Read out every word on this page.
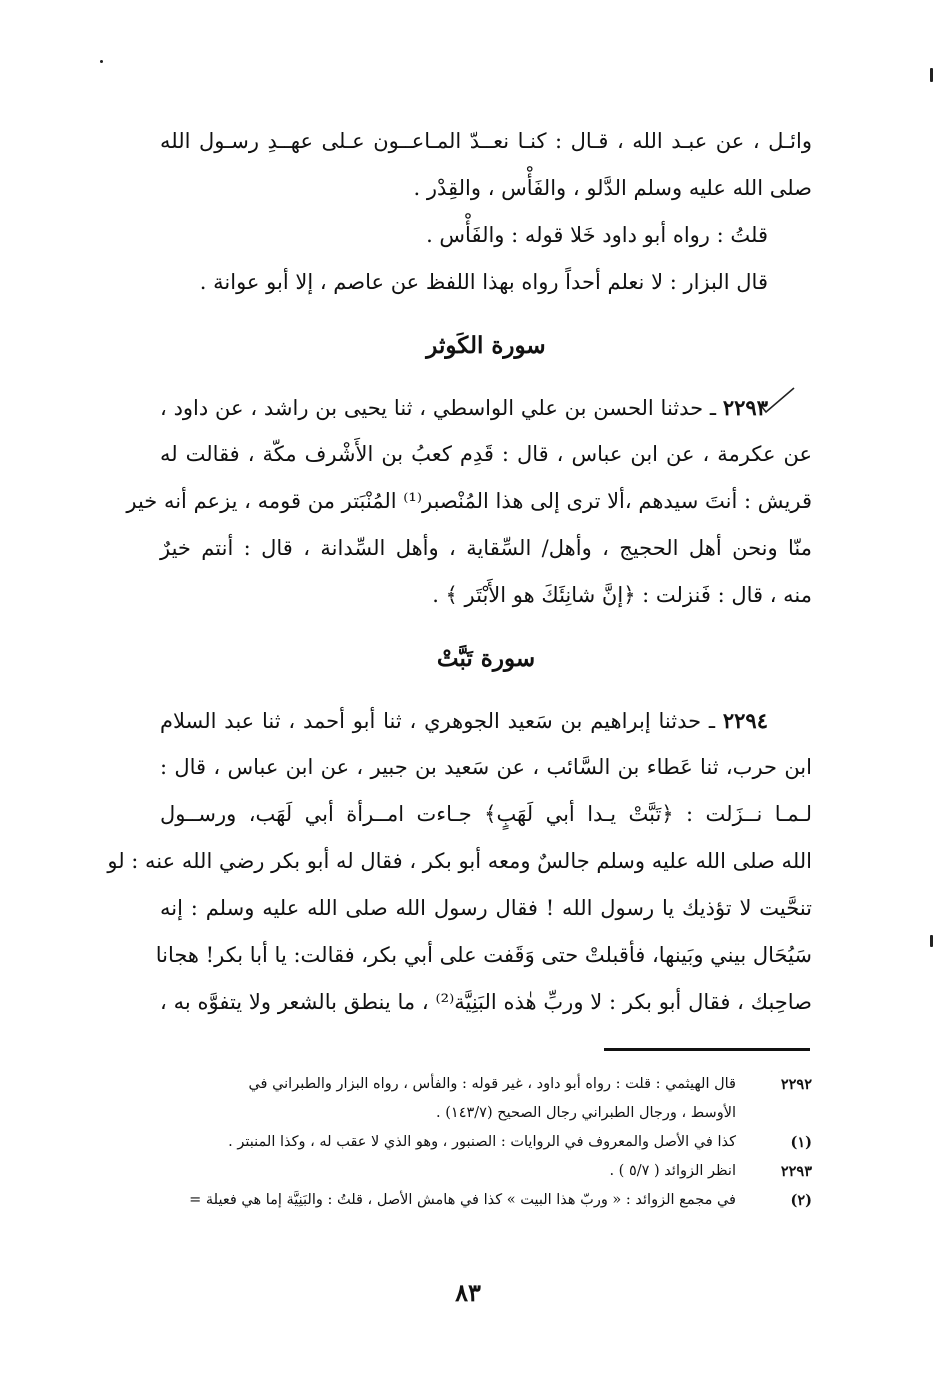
وائـل ، عن عبـد الله ، قـال : كنـا نعــدّ المـاعــون عـلى عهــدِ رسـول الله
صلى الله عليه وسلم الدَّلو ، والفَأْس ، والقِدْر .
قلتُ : رواه أبو داود خَلا قوله : والفَأْس .
قال البزار : لا نعلم أحداً رواه بهذا اللفظ عن عاصم ، إلا أبو عوانة .
سورة الكَوثر
٢٢٩٣ ـ حدثنا الحسن بن علي الواسطي ، ثنا يحيى بن راشد ، عن داود ،
عن عكرمة ، عن ابن عباس ، قال : قَدِم كعبُ بن الأَشْرف مكّة ، فقالت له
قريش : أنتَ سيدهم ،ألا ترى إلى هذا المُنْصبر⁽¹⁾ المُنْبَتر من قومه ، يزعم أنه خير
منّا ونحن أهل الحجيج ، وأهل/ السِّقاية ، وأهل السِّدانة ، قال : أنتم خيرٌ
منه ، قال : فَنزلت : ﴿إنَّ شانِئَكَ هو الأَبْتَر ﴾ .
سورة تَبَّتْ
٢٢٩٤ ـ حدثنا إبراهيم بن سَعيد الجوهري ، ثنا أبو أحمد ، ثنا عبد السلام
ابن حرب، ثنا عَطاء بن السَّائب ، عن سَعيد بن جبير ، عن ابن عباس ، قال :
لـمـا نــزَلت : ﴿تَبَّتْ يـدا أبي لَهَبٍ﴾ جـاءت امــرأة أبي لَهَب، ورســول
الله صلى الله عليه وسلم جالسٌ ومعه أبو بكر ، فقال له أبو بكر رضي الله عنه : لو
تنحَّيت لا تؤذيك يا رسول الله ! فقال رسول الله صلى الله عليه وسلم : إنه
سَيُحَال بيني وبَينها، فأقبلتْ حتى وَقَفت على أبي بكر، فقالت: يا أبا بكر! هجانا
صاحِبك ، فقال أبو بكر : لا وربِّ هٰذه البَنِيَّة⁽²⁾ ، ما ينطق بالشعر ولا يتفوَّه به ،
٢٢٩٢
قال الهيثمي : قلت : رواه أبو داود ، غير قوله : والفأس ، رواه البزار والطبراني في
الأوسط ، ورجال الطبراني رجال الصحيح (١٤٣/٧) .
(١)
كذا في الأصل والمعروف في الروايات : الصنبور ، وهو الذي لا عقب له ، وكذا المنبتر .
٢٢٩٣
انظر الزوائد ( ٥/٧ ) .
(٢)
في مجمع الزوائد : « وربّ هذا البيت » كذا في هامش الأصل ، قلتُ : والبَنِيَّة إما هي فعيلة =
٨٣
